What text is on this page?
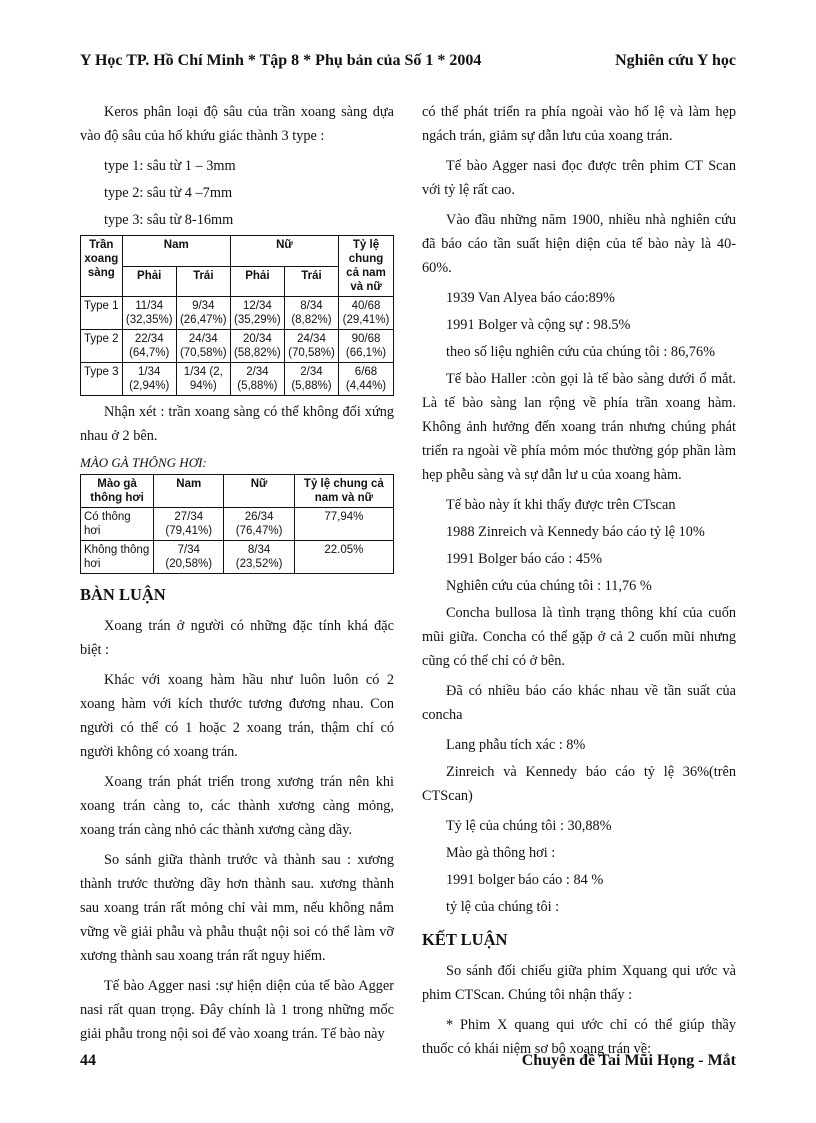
Y Học TP. Hồ Chí Minh * Tập 8 * Phụ bản của Số 1 * 2004	Nghiên cứu Y học
Keros phân loại độ sâu của trần xoang sàng dựa vào độ sâu của hố khứu giác thành 3 type :
type 1: sâu từ 1 – 3mm
type 2: sâu từ 4 –7mm
type 3: sâu từ 8-16mm
Trần xoang sàng	Nam		Nữ		Tỷ lệ chung cả nam và nữ
	Phải	Trái	Phải	Trái	
Type 1	11/34 (32,35%)	9/34 (26,47%)	12/34 (35,29%)	8/34 (8,82%)	40/68 (29,41%)
Type 2	22/34 (64,7%)	24/34 (70,58%)	20/34 (58,82%)	24/34 (70,58%)	90/68 (66,1%)
Type 3	1/34 (2,94%)	1/34 (2, 94%)	2/34 (5,88%)	2/34 (5,88%)	6/68 (4,44%)
Nhận xét : trần xoang sàng có thể không đối xứng nhau ở 2 bên.
MÀO GÀ THÔNG HƠI:
Mào gà thông hơi	Nam	Nữ	Tỷ lệ chung cả nam và nữ
Có thông hơi	27/34 (79,41%)	26/34 (76,47%)	77,94%
Không thông hơi	7/34 (20,58%)	8/34 (23,52%)	22.05%
BÀN LUẬN
Xoang trán ở người có những đặc tính khá đặc biệt :
Khác với xoang hàm hầu như luôn luôn có 2 xoang hàm với kích thước tương đương nhau. Con người có thể có 1 hoặc 2 xoang trán, thậm chí có người không có xoang trán.
Xoang trán phát triển trong xương trán nên khi xoang trán càng to, các thành xương càng mỏng, xoang trán càng nhỏ các thành xương càng dầy.
So sánh giữa thành trước và thành sau : xương thành trước thường dầy hơn thành sau. xương thành sau xoang trán rất mỏng chỉ vài mm, nếu không nắm vững về giải phẫu và phẫu thuật nội soi có thể làm vỡ xương thành sau xoang trán rất nguy hiểm.
Tế bào Agger nasi :sự hiện diện của tế bào Agger nasi rất quan trọng. Đây chính là 1 trong những mốc giải phẫu trong nội soi để vào xoang trán. Tế bào này
có thể phát triển ra phía ngoài vào hố lệ và làm hẹp ngách trán, giảm sự dẫn lưu của xoang trán.
Tế bào Agger nasi đọc được trên phim CT Scan với tỷ lệ rất cao.
Vào đầu những năm 1900, nhiều nhà nghiên cứu đã báo cáo tần suất hiện diện của tế bào này là 40-60%.
1939 Van Alyea báo cáo:89%
1991 Bolger và cộng sự : 98.5%
theo số liệu nghiên cứu của chúng tôi : 86,76%
Tế bào Haller :còn gọi là tế bào sàng dưới ổ mắt. Là tế bào sàng lan rộng về phía trần xoang hàm. Không ảnh hưởng đến xoang trán nhưng chúng phát triển ra ngoài về phía mỏm móc thường góp phần làm hẹp phễu sàng và sự dẫn lư u của xoang hàm.
Tế bào này ít khi thấy được trên CTscan
1988 Zinreich và Kennedy báo cáo tỷ lệ 10%
1991 Bolger báo cáo : 45%
Nghiên cứu của chúng tôi : 11,76 %
Concha bullosa là tình trạng thông khí của cuốn mũi giữa. Concha có thể gặp ở cả 2 cuốn mũi nhưng cũng có thể chỉ có ở bên.
Đã có nhiều báo cáo khác nhau về tần suất của concha
Lang phẫu tích xác : 8%
Zinreich và Kennedy báo cáo tỷ lệ 36%(trên CTScan)
Tỷ lệ của chúng tôi : 30,88%
Mào gà thông hơi :
1991 bolger báo cáo : 84 %
tỷ lệ của chúng tôi :
KẾT LUẬN
So sánh đối chiếu giữa phim Xquang qui ước và phim CTScan. Chúng tôi nhận thấy :
* Phim X quang qui ước chỉ có thể giúp thầy thuốc có khái niệm sơ bộ xoang trán về:
44	Chuyên đề Tai Mũi Họng - Mắt
